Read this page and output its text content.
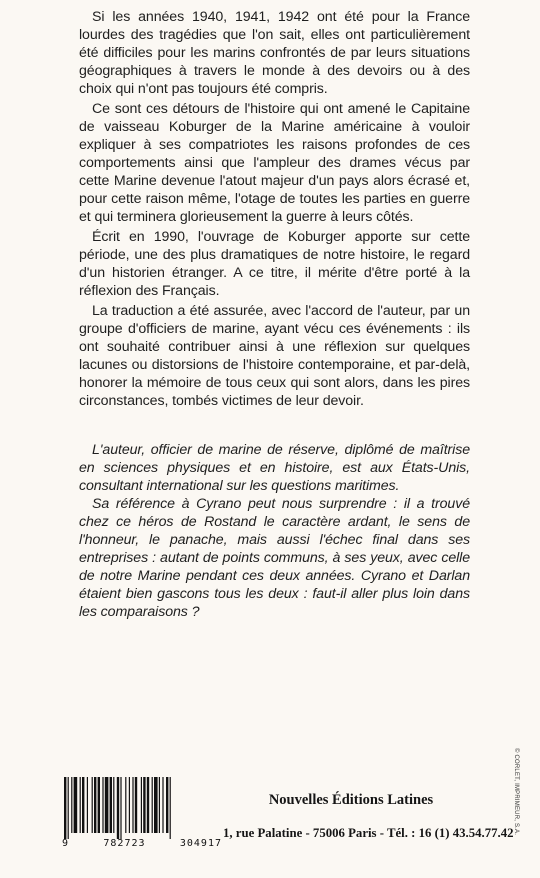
Si les années 1940, 1941, 1942 ont été pour la France lourdes des tragédies que l'on sait, elles ont particulièrement été difficiles pour les marins confrontés de par leurs situations géographiques à travers le monde à des devoirs ou à des choix qui n'ont pas toujours été compris.

Ce sont ces détours de l'histoire qui ont amené le Capitaine de vaisseau Koburger de la Marine américaine à vouloir expliquer à ses compatriotes les raisons profondes de ces comportements ainsi que l'ampleur des drames vécus par cette Marine devenue l'atout majeur d'un pays alors écrasé et, pour cette raison même, l'otage de toutes les parties en guerre et qui terminera glorieusement la guerre à leurs côtés.

Écrit en 1990, l'ouvrage de Koburger apporte sur cette période, une des plus dramatiques de notre histoire, le regard d'un historien étranger. A ce titre, il mérite d'être porté à la réflexion des Français.

La traduction a été assurée, avec l'accord de l'auteur, par un groupe d'officiers de marine, ayant vécu ces événements : ils ont souhaité contribuer ainsi à une réflexion sur quelques lacunes ou distorsions de l'histoire contemporaine, et par-delà, honorer la mémoire de tous ceux qui sont alors, dans les pires circonstances, tombés victimes de leur devoir.

L'auteur, officier de marine de réserve, diplômé de maîtrise en sciences physiques et en histoire, est aux États-Unis, consultant international sur les questions maritimes.

Sa référence à Cyrano peut nous surprendre : il a trouvé chez ce héros de Rostand le caractère ardant, le sens de l'honneur, le panache, mais aussi l'échec final dans ses entreprises : autant de points communs, à ses yeux, avec celle de notre Marine pendant ces deux années. Cyrano et Darlan étaient bien gascons tous les deux : faut-il aller plus loin dans les comparaisons ?

© CORLET, IMPRIMEUR, S.A.
9	782723	304917
Nouvelles Éditions Latines
1, rue Palatine - 75006 Paris - Tél. : 16 (1) 43.54.77.42
